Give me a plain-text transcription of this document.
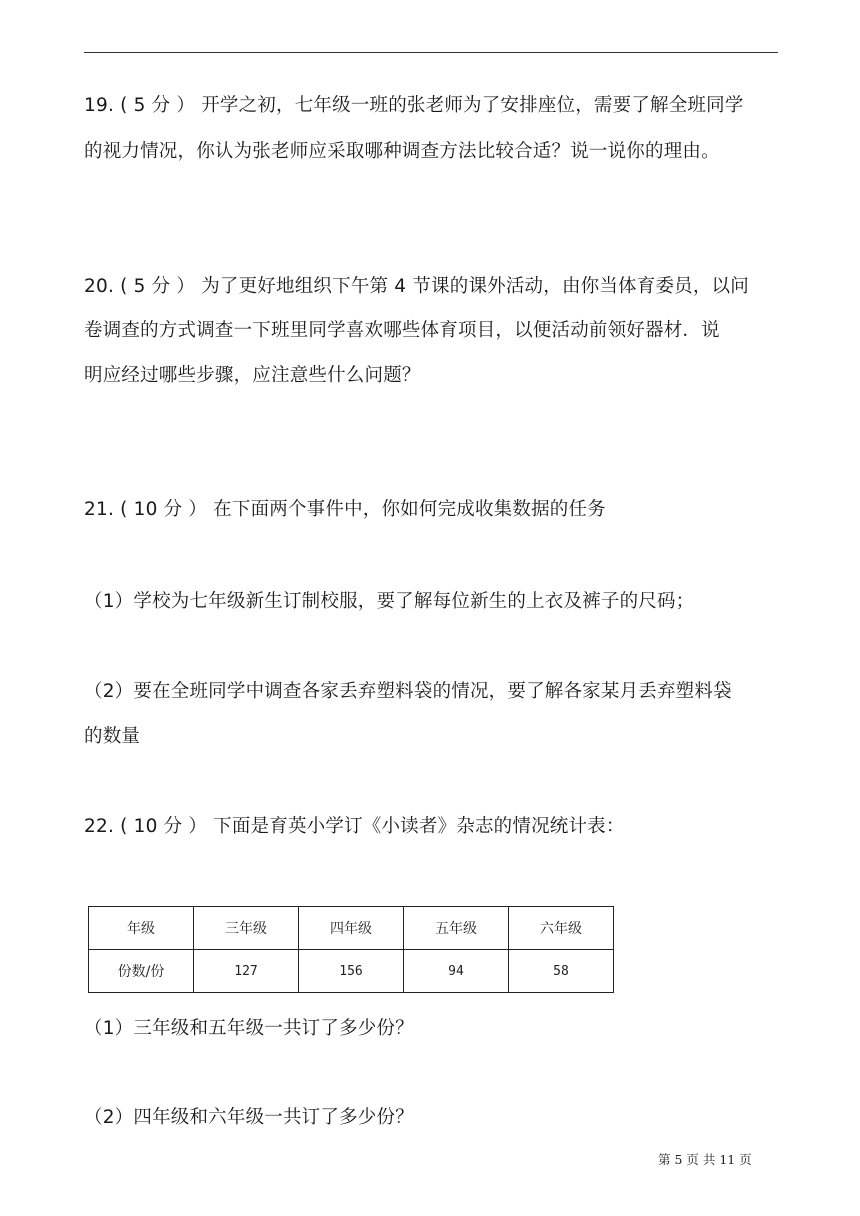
19. ( 5 分 ） 开学之初，七年级一班的张老师为了安排座位，需要了解全班同学
的视力情况，你认为张老师应采取哪种调查方法比较合适？说一说你的理由。
20. ( 5 分 ） 为了更好地组织下午第 4 节课的课外活动，由你当体育委员，以问
卷调查的方式调查一下班里同学喜欢哪些体育项目，以便活动前领好器材．说
明应经过哪些步骤，应注意些什么问题？
21. ( 10 分 ） 在下面两个事件中，你如何完成收集数据的任务
（1）学校为七年级新生订制校服，要了解每位新生的上衣及裤子的尺码；
（2）要在全班同学中调查各家丢弃塑料袋的情况，要了解各家某月丢弃塑料袋
的数量
22. ( 10 分 ） 下面是育英小学订《小读者》杂志的情况统计表：
年级	三年级	四年级	五年级	六年级
份数/份	127	156	94	58
（1）三年级和五年级一共订了多少份？
（2）四年级和六年级一共订了多少份？
第 5 页 共 11 页
